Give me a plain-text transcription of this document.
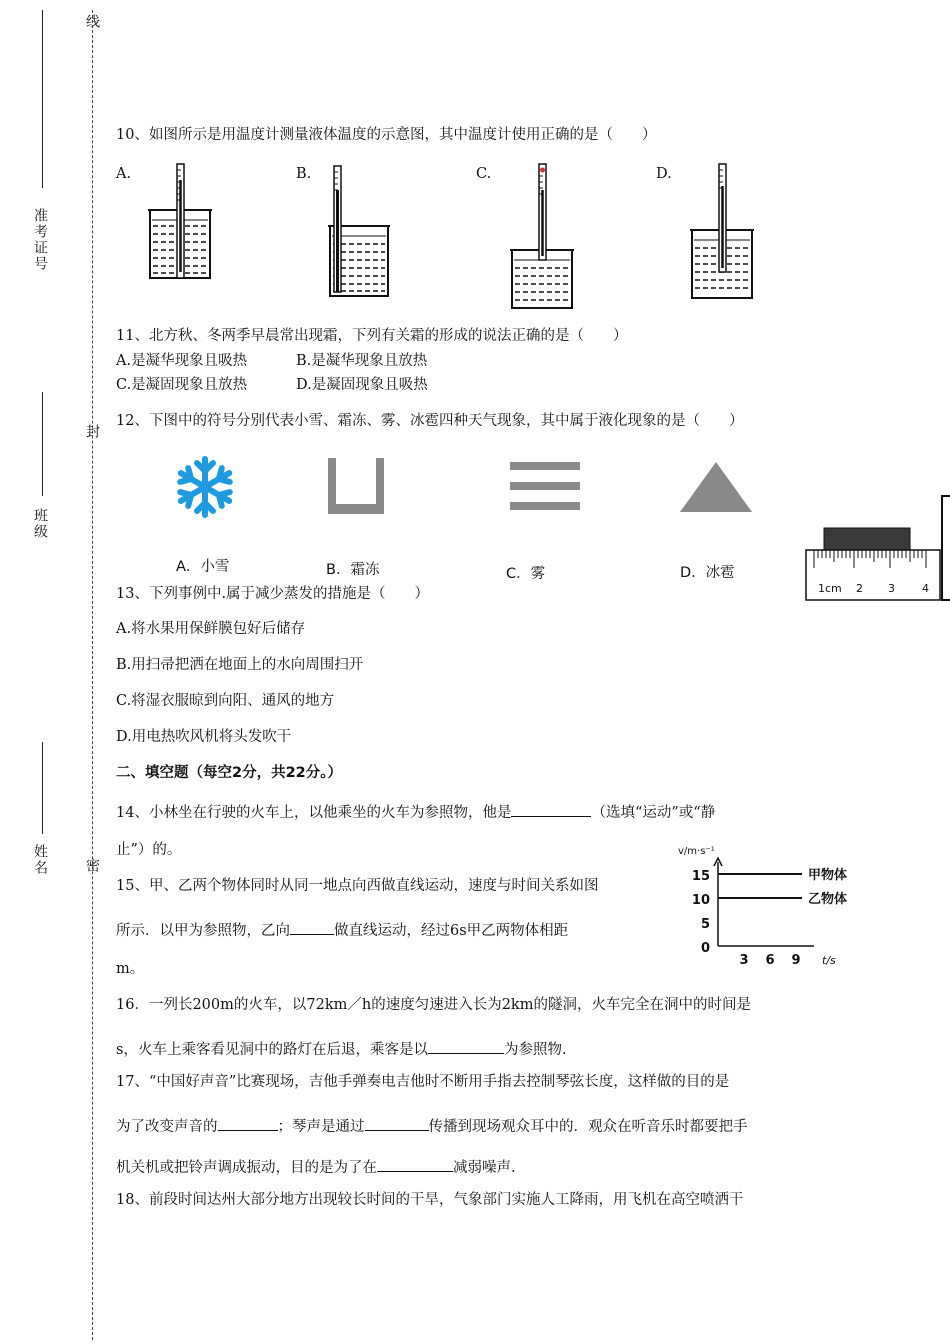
线
封
密
准考证号
班级
姓名
10、如图所示是用温度计测量液体温度的示意图，其中温度计使用正确的是（　　）
A.	B.	C.	D.
11、北方秋、冬两季早晨常出现霜，下列有关霜的形成的说法正确的是（　　）
A.是凝华现象且吸热	B.是凝华现象且放热
C.是凝固现象且放热	D.是凝固现象且吸热
12、下图中的符号分别代表小雪、霜冻、雾、冰雹四种天气现象，其中属于液化现象的是（　　）
A．小雪	B．霜冻	C．雾	D．冰雹
1cm 2 3 4
13、下列事例中.属于减少蒸发的措施是（　　）
A.将水果用保鲜膜包好后储存
B.用扫帚把洒在地面上的水向周围扫开
C.将湿衣服晾到向阳、通风的地方
D.用电热吹风机将头发吹干
二、填空题（每空2分，共22分。）
14、小林坐在行驶的火车上，以他乘坐的火车为参照物，他是	（选填“运动”或“静
止”）的。
15、甲、乙两个物体同时从同一地点向西做直线运动，速度与时间关系如图
所示．以甲为参照物，乙向	做直线运动，经过6s甲乙两物体相距
m。
v/m·s⁻¹
15
10
5
0
3 6 9 t/s
甲物体
乙物体
16．一列长200m的火车，以72km／h的速度匀速进入长为2km的隧洞，火车完全在洞中的时间是
s，火车上乘客看见洞中的路灯在后退，乘客是以	为参照物.
17、“中国好声音”比赛现场，吉他手弹奏电吉他时不断用手指去控制琴弦长度，这样做的目的是
为了改变声音的	；琴声是通过	传播到现场观众耳中的．观众在听音乐时都要把手
机关机或把铃声调成振动，目的是为了在	减弱噪声.
18、前段时间达州大部分地方出现较长时间的干旱，气象部门实施人工降雨，用飞机在高空喷洒干
